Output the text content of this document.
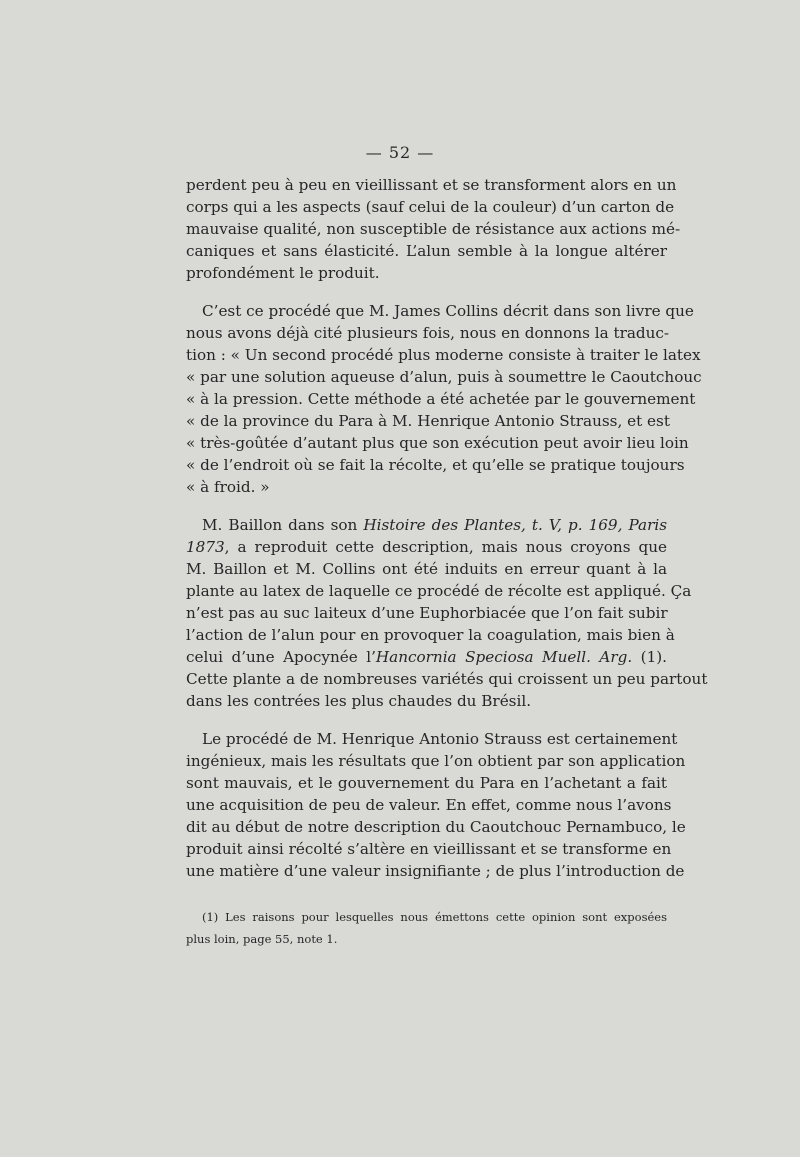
— 52 —
perdent peu à peu en vieillissant et se transforment alors en un
corps qui a les aspects (sauf celui de la couleur) d’un carton de
mauvaise qualité, non susceptible de résistance aux actions mé-
caniques et sans élasticité. L’alun semble à la longue altérer
profondément le produit.
C’est ce procédé que M. James Collins décrit dans son livre que
nous avons déjà cité plusieurs fois, nous en donnons la traduc-
tion : « Un second procédé plus moderne consiste à traiter le latex
« par une solution aqueuse d’alun, puis à soumettre le Caoutchouc
« à la pression. Cette méthode a été achetée par le gouvernement
« de la province du Para à M. Henrique Antonio Strauss, et est
« très-goûtée d’autant plus que son exécution peut avoir lieu loin
« de l’endroit où se fait la récolte, et qu’elle se pratique toujours
« à froid. »
M. Baillon dans son Histoire des Plantes, t. V, p. 169, Paris
1873, a reproduit cette description, mais nous croyons que
M. Baillon et M. Collins ont été induits en erreur quant à la
plante au latex de laquelle ce procédé de récolte est appliqué. Ça
n’est pas au suc laiteux d’une Euphorbiacée que l’on fait subir
l’action de l’alun pour en provoquer la coagulation, mais bien à
celui d’une Apocynée l’Hancornia Speciosa Muell. Arg. (1).
Cette plante a de nombreuses variétés qui croissent un peu partout
dans les contrées les plus chaudes du Brésil.
Le procédé de M. Henrique Antonio Strauss est certainement
ingénieux, mais les résultats que l’on obtient par son application
sont mauvais, et le gouvernement du Para en l’achetant a fait
une acquisition de peu de valeur. En effet, comme nous l’avons
dit au début de notre description du Caoutchouc Pernambuco, le
produit ainsi récolté s’altère en vieillissant et se transforme en
une matière d’une valeur insignifiante ; de plus l’introduction de
(1) Les raisons pour lesquelles nous émettons cette opinion sont exposées
plus loin, page 55, note 1.
